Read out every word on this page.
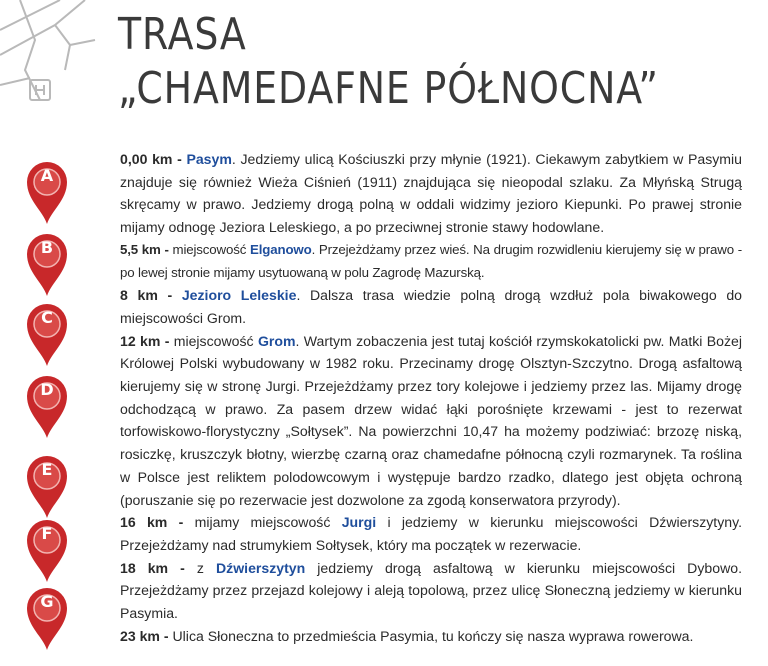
TRASA
„CHAMEDAFNE PÓŁNOCNA”
A
B
C
D
E
F
G

0,00 km - Pasym. Jedziemy ulicą Kościuszki przy młynie (1921). Ciekawym zabytkiem w Pasymiu znajduje się również Wieża Ciśnień (1911) znajdująca się nieopodal szlaku. Za Młyńską Strugą skręcamy w prawo. Jedziemy drogą polną w oddali widzimy jezioro Kiepunki. Po prawej stronie mijamy odnogę Jeziora Leleskiego, a po przeciwnej stronie stawy hodowlane.

5,5 km - miejscowość Elganowo. Przejeżdżamy przez wieś. Na drugim rozwidleniu kierujemy się w prawo - po lewej stronie mijamy usytuowaną w polu Zagrodę Mazurską.

8 km - Jezioro Leleskie. Dalsza trasa wiedzie polną drogą wzdłuż pola biwakowego do miejscowości Grom.

12 km - miejscowość Grom. Wartym zobaczenia jest tutaj kościół rzymskokatolicki pw. Matki Bożej Królowej Polski wybudowany w 1982 roku. Przecinamy drogę Olsztyn-Szczytno. Drogą asfaltową kierujemy się w stronę Jurgi. Przejeżdżamy przez tory kolejowe i jedziemy przez las. Mijamy drogę odchodzącą w prawo. Za pasem drzew widać łąki porośnięte krzewami - jest to rezerwat torfowiskowo-florystyczny „Sołtysek”. Na powierzchni 10,47 ha możemy podziwiać: brzozę niską, rosiczkę, kruszczyk błotny, wierzbę czarną oraz chamedafne północną czyli rozmarynek. Ta roślina w Polsce jest reliktem polodowcowym i występuje bardzo rzadko, dlatego jest objęta ochroną (poruszanie się po rezerwacie jest dozwolone za zgodą konserwatora przyrody).

16 km - mijamy miejscowość Jurgi i jedziemy w kierunku miejscowości Dźwierszytyny. Przejeżdżamy nad strumykiem Sołtysek, który ma początek w rezerwacie.

18 km - z Dźwierszytyn jedziemy drogą asfaltową w kierunku miejscowości Dybowo. Przejeżdżamy przez przejazd kolejowy i aleją topolową, przez ulicę Słoneczną jedziemy w kierunku Pasymia.

23 km - Ulica Słoneczna to przedmieścia Pasymia, tu kończy się nasza wyprawa rowerowa.
